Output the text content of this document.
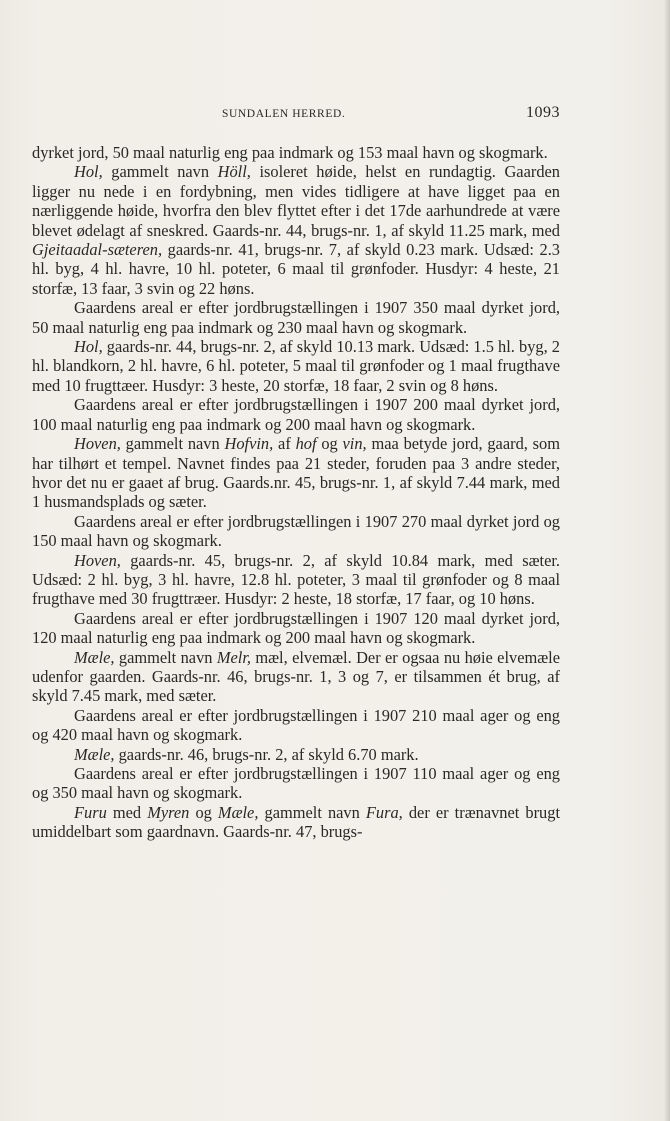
SUNDALEN HERRED.	1093

dyrket jord, 50 maal naturlig eng paa indmark og 153 maal havn og skogmark.

Hol, gammelt navn Höll, isoleret høide, helst en rundagtig. Gaarden ligger nu nede i en fordybning, men vides tidligere at have ligget paa en nærliggende høide, hvorfra den blev flyttet efter i det 17de aarhundrede at være blevet ødelagt af sneskred. Gaards-nr. 44, brugs-nr. 1, af skyld 11.25 mark, med Gjeitaadal-sæteren, gaards-nr. 41, brugs-nr. 7, af skyld 0.23 mark. Udsæd: 2.3 hl. byg, 4 hl. havre, 10 hl. poteter, 6 maal til grønfoder. Husdyr: 4 heste, 21 storfæ, 13 faar, 3 svin og 22 høns.

Gaardens areal er efter jordbrugstællingen i 1907 350 maal dyrket jord, 50 maal naturlig eng paa indmark og 230 maal havn og skogmark.

Hol, gaards-nr. 44, brugs-nr. 2, af skyld 10.13 mark. Udsæd: 1.5 hl. byg, 2 hl. blandkorn, 2 hl. havre, 6 hl. poteter, 5 maal til grønfoder og 1 maal frugthave med 10 frugttæer. Husdyr: 3 heste, 20 storfæ, 18 faar, 2 svin og 8 høns.

Gaardens areal er efter jordbrugstællingen i 1907 200 maal dyrket jord, 100 maal naturlig eng paa indmark og 200 maal havn og skogmark.

Hoven, gammelt navn Hofvin, af hof og vin, maa betyde jord, gaard, som har tilhørt et tempel. Navnet findes paa 21 steder, foruden paa 3 andre steder, hvor det nu er gaaet af brug. Gaards.nr. 45, brugs-nr. 1, af skyld 7.44 mark, med 1 husmandsplads og sæter.

Gaardens areal er efter jordbrugstællingen i 1907 270 maal dyrket jord og 150 maal havn og skogmark.

Hoven, gaards-nr. 45, brugs-nr. 2, af skyld 10.84 mark, med sæter. Udsæd: 2 hl. byg, 3 hl. havre, 12.8 hl. poteter, 3 maal til grønfoder og 8 maal frugthave med 30 frugttræer. Husdyr: 2 heste, 18 storfæ, 17 faar, og 10 høns.

Gaardens areal er efter jordbrugstællingen i 1907 120 maal dyrket jord, 120 maal naturlig eng paa indmark og 200 maal havn og skogmark.

Mæle, gammelt navn Melr, mæl, elvemæl. Der er ogsaa nu høie elvemæle udenfor gaarden. Gaards-nr. 46, brugs-nr. 1, 3 og 7, er tilsammen ét brug, af skyld 7.45 mark, med sæter.

Gaardens areal er efter jordbrugstællingen i 1907 210 maal ager og eng og 420 maal havn og skogmark.

Mæle, gaards-nr. 46, brugs-nr. 2, af skyld 6.70 mark.

Gaardens areal er efter jordbrugstællingen i 1907 110 maal ager og eng og 350 maal havn og skogmark.

Furu med Myren og Mæle, gammelt navn Fura, der er trænavnet brugt umiddelbart som gaardnavn. Gaards-nr. 47, brugs-
